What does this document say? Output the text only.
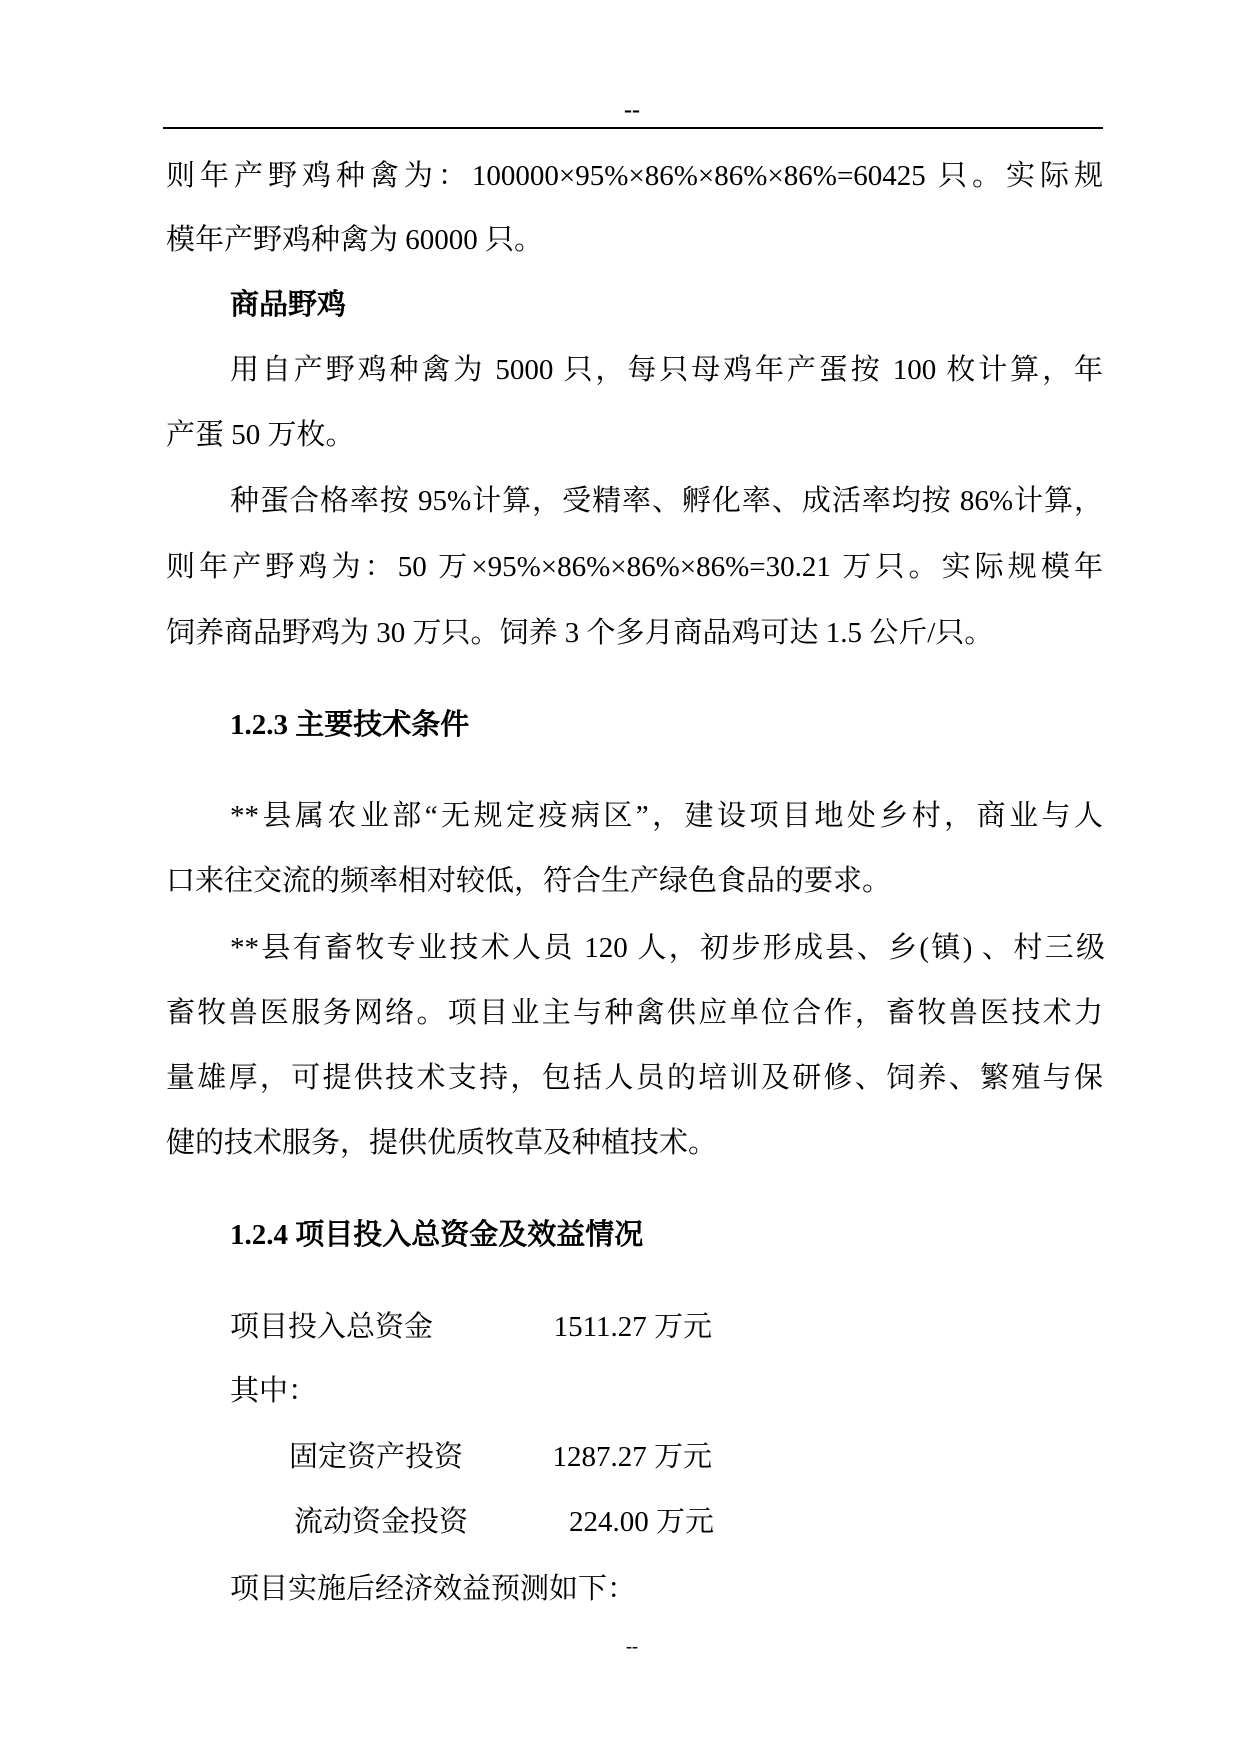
--
则年产野鸡种禽为：100000×95%×86%×86%×86%=60425 只。实际规
模年产野鸡种禽为 60000 只。
商品野鸡
用自产野鸡种禽为 5000 只，每只母鸡年产蛋按 100 枚计算，年
产蛋 50 万枚。
种蛋合格率按 95%计算，受精率、孵化率、成活率均按 86%计算，
则年产野鸡为：50 万×95%×86%×86%×86%=30.21 万只。实际规模年
饲养商品野鸡为 30 万只。饲养 3 个多月商品鸡可达 1.5 公斤/只。
1.2.3 主要技术条件
**县属农业部“无规定疫病区”，建设项目地处乡村，商业与人
口来往交流的频率相对较低，符合生产绿色食品的要求。
**县有畜牧专业技术人员 120 人，初步形成县、乡(镇) 、村三级
畜牧兽医服务网络。项目业主与种禽供应单位合作，畜牧兽医技术力
量雄厚，可提供技术支持，包括人员的培训及研修、饲养、繁殖与保
健的技术服务，提供优质牧草及种植技术。
1.2.4 项目投入总资金及效益情况
项目投入总资金	1511.27 万元
其中：
固定资产投资	1287.27 万元
流动资金投资	224.00 万元
项目实施后经济效益预测如下：
--
